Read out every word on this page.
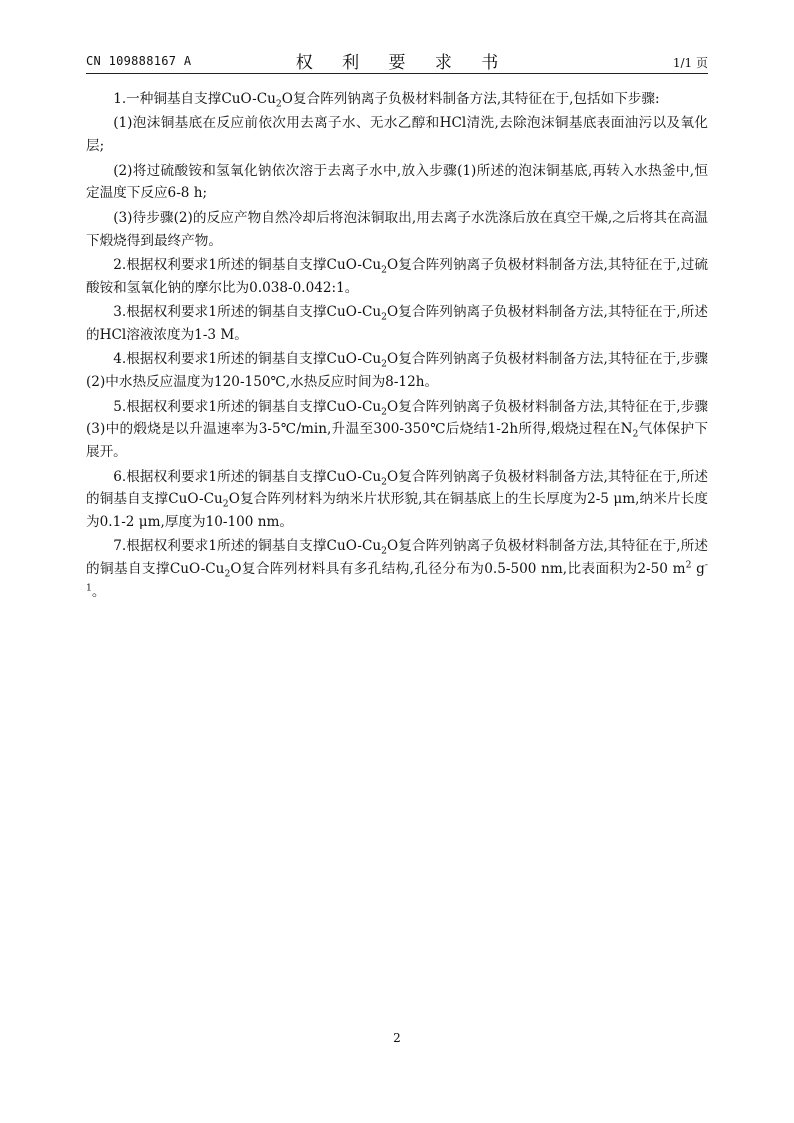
CN 109888167 A	权 利 要 求 书	1/1 页

1.一种铜基自支撑CuO-$Cu_2O$复合阵列钠离子负极材料制备方法,其特征在于,包括如下步骤:

(1)泡沫铜基底在反应前依次用去离子水、无水乙醇和HCl清洗,去除泡沫铜基底表面油污以及氧化层;

(2)将过硫酸铵和氢氧化钠依次溶于去离子水中,放入步骤(1)所述的泡沫铜基底,再转入水热釜中,恒定温度下反应6-8 h;

(3)待步骤(2)的反应产物自然冷却后将泡沫铜取出,用去离子水洗涤后放在真空干燥,之后将其在高温下煅烧得到最终产物。

2.根据权利要求1所述的铜基自支撑CuO-$Cu_2O$复合阵列钠离子负极材料制备方法,其特征在于,过硫酸铵和氢氧化钠的摩尔比为0.038-0.042:1。

3.根据权利要求1所述的铜基自支撑CuO-$Cu_2O$复合阵列钠离子负极材料制备方法,其特征在于,所述的HCl溶液浓度为1-3 M。

4.根据权利要求1所述的铜基自支撑CuO-$Cu_2O$复合阵列钠离子负极材料制备方法,其特征在于,步骤(2)中水热反应温度为120-150℃,水热反应时间为8-12h。

5.根据权利要求1所述的铜基自支撑CuO-$Cu_2O$复合阵列钠离子负极材料制备方法,其特征在于,步骤(3)中的煅烧是以升温速率为3-5℃/min,升温至300-350℃后烧结1-2h所得,煅烧过程在$N_2$气体保护下展开。

6.根据权利要求1所述的铜基自支撑CuO-$Cu_2O$复合阵列钠离子负极材料制备方法,其特征在于,所述的铜基自支撑CuO-$Cu_2O$复合阵列材料为纳米片状形貌,其在铜基底上的生长厚度为2-5 μm,纳米片长度为0.1-2 μm,厚度为10-100 nm。

7.根据权利要求1所述的铜基自支撑CuO-$Cu_2O$复合阵列钠离子负极材料制备方法,其特征在于,所述的铜基自支撑CuO-$Cu_2O$复合阵列材料具有多孔结构,孔径分布为0.5-500 nm,比表面积为2-50 $m^2$ $g^{-1}$。

2
